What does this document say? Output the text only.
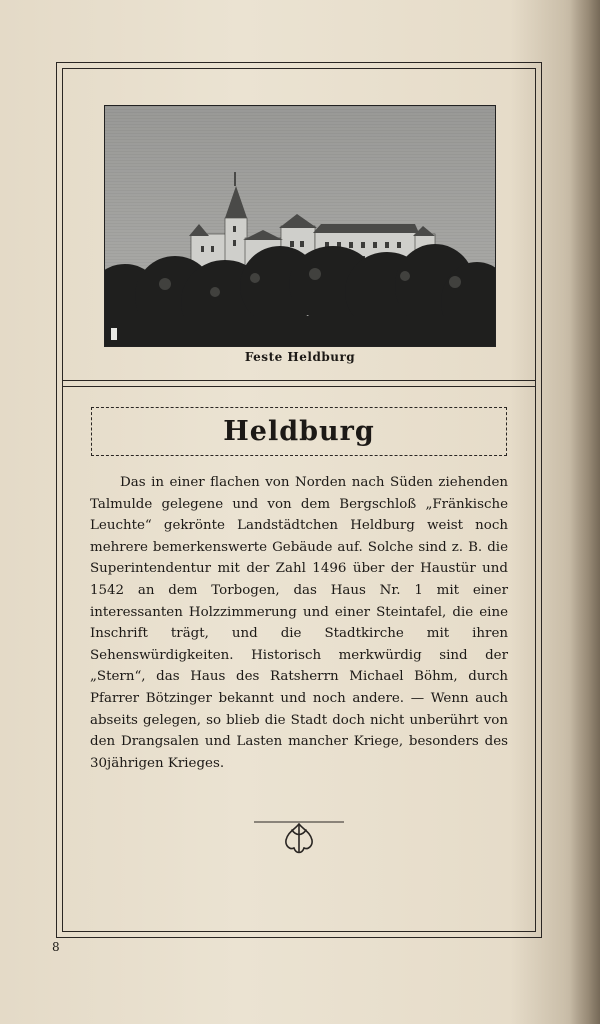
Feste Heldburg
Heldburg
Das in einer flachen von Norden nach Süden ziehenden Talmulde gelegene und von dem Bergschloß „Fränkische Leuchte“ gekrönte Landstädtchen Heldburg weist noch mehrere bemerkenswerte Gebäude auf. Solche sind z. B. die Superintendentur mit der Zahl 1496 über der Haustür und 1542 an dem Torbogen, das Haus Nr. 1 mit einer interessanten Holzzimmerung und einer Steintafel, die eine Inschrift trägt, und die Stadtkirche mit ihren Sehenswürdigkeiten. Historisch merkwürdig sind der „Stern“, das Haus des Ratsherrn Michael Böhm, durch Pfarrer Bötzinger bekannt und noch andere. — Wenn auch abseits gelegen, so blieb die Stadt doch nicht unberührt von den Drangsalen und Lasten mancher Kriege, besonders des 30jährigen Krieges.
8
